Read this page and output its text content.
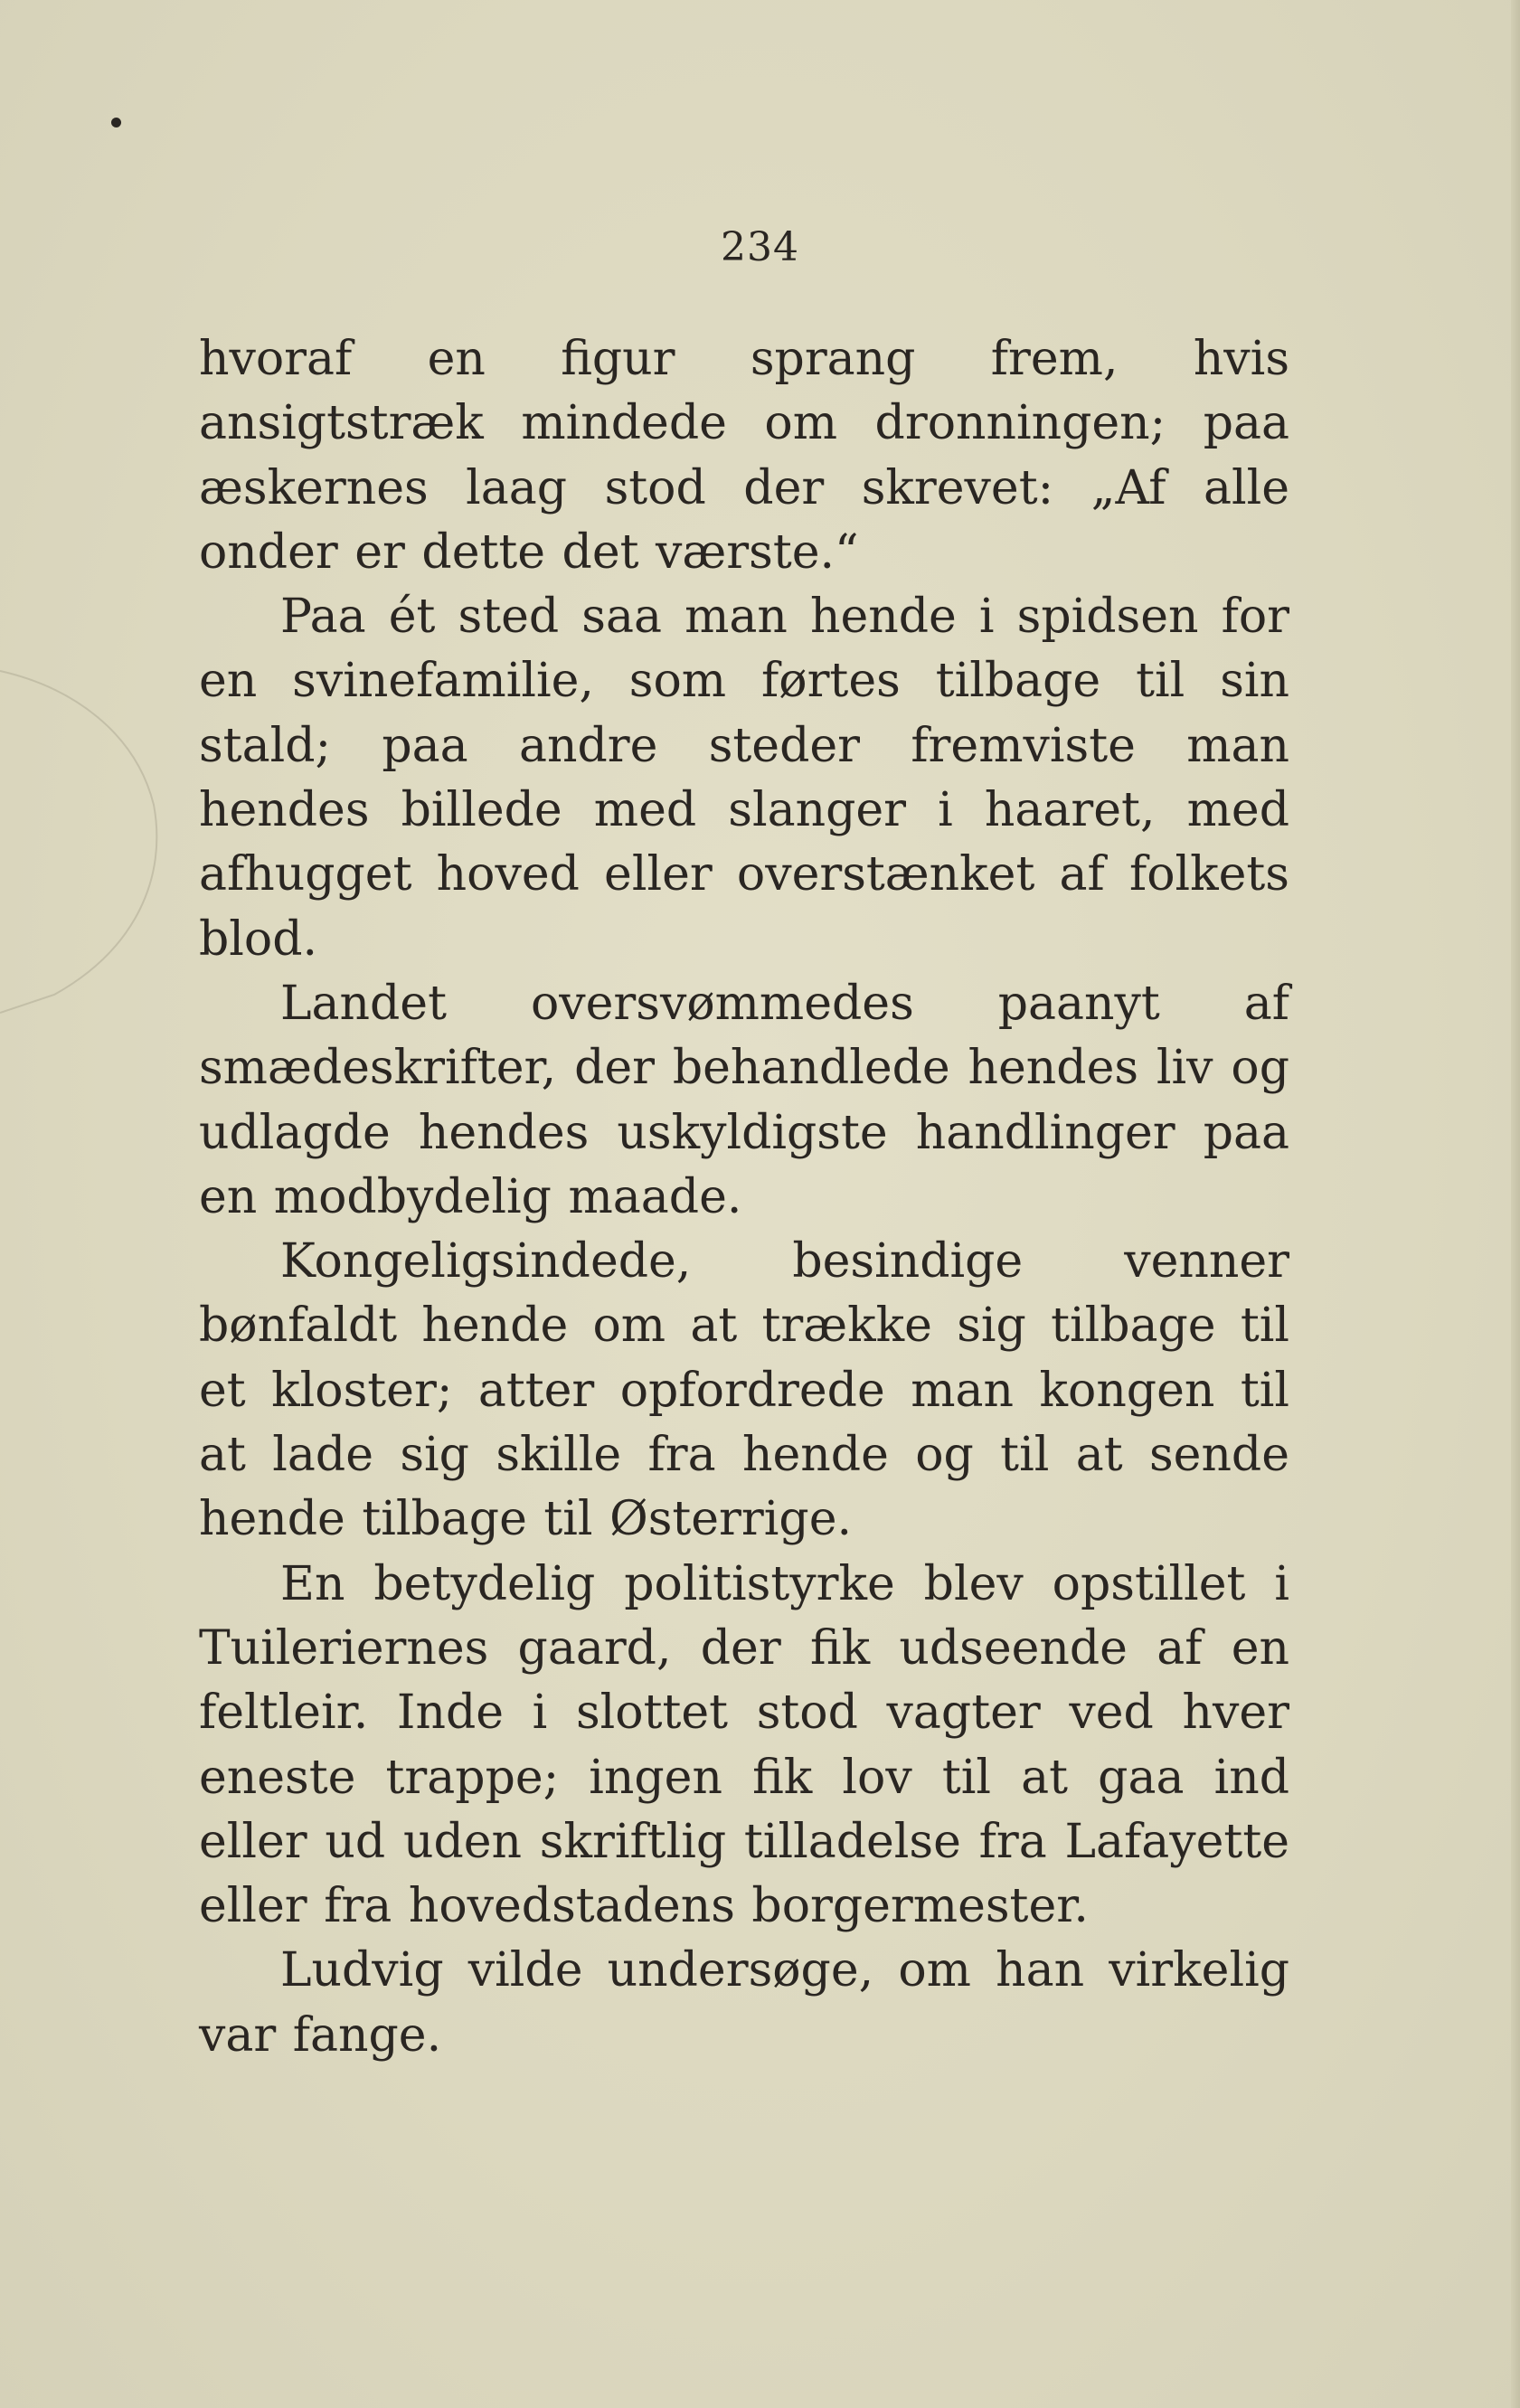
234

hvoraf en figur sprang frem, hvis ansigtstræk mindede om dronningen; paa æskernes laag stod der skrevet: „Af alle onder er dette det værste.“

Paa ét sted saa man hende i spidsen for en svinefamilie, som førtes tilbage til sin stald; paa andre steder fremviste man hendes billede med slanger i haaret, med afhugget hoved eller overstænket af folkets blod.

Landet oversvømmedes paanyt af smædeskrifter, der behandlede hendes liv og udlagde hendes uskyldigste handlinger paa en modbydelig maade.

Kongeligsindede, besindige venner bønfaldt hende om at trække sig tilbage til et kloster; atter opfordrede man kongen til at lade sig skille fra hende og til at sende hende tilbage til Østerrige.

En betydelig politistyrke blev opstillet i Tuileriernes gaard, der fik udseende af en feltleir. Inde i slottet stod vagter ved hver eneste trappe; ingen fik lov til at gaa ind eller ud uden skriftlig tilladelse fra Lafayette eller fra hovedstadens borgermester.

Ludvig vilde undersøge, om han virkelig var fange.
